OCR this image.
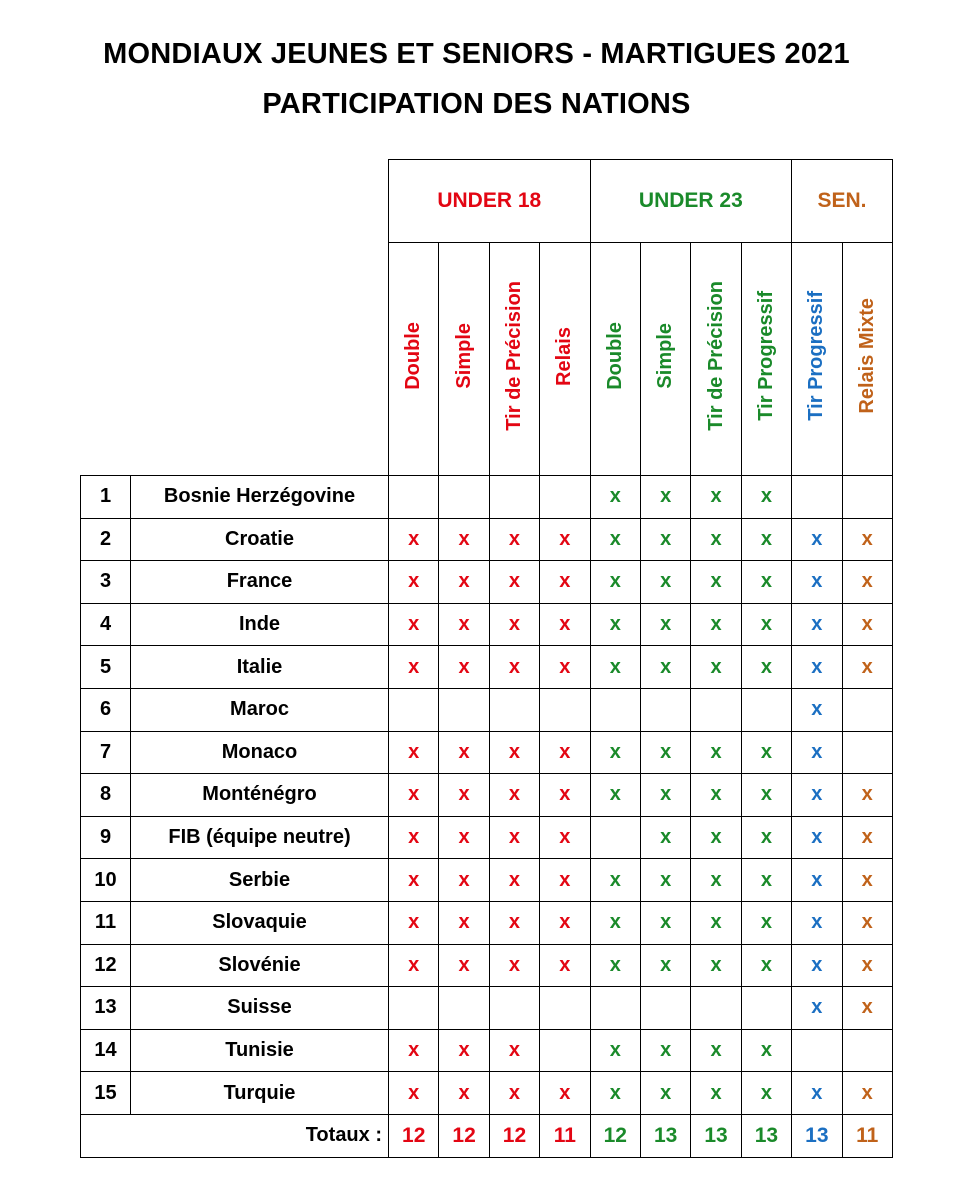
MONDIAUX JEUNES ET SENIORS - MARTIGUES 2021
PARTICIPATION DES NATIONS
		UNDER 18				UNDER 23				SEN.	
		Double	Simple	Tir de Précision	Relais	Double	Simple	Tir de Précision	Tir Progressif	Tir Progressif	Relais Mixte
1	Bosnie Herzégovine					x	x	x	x		
2	Croatie	x	x	x	x	x	x	x	x	x	x
3	France	x	x	x	x	x	x	x	x	x	x
4	Inde	x	x	x	x	x	x	x	x	x	x
5	Italie	x	x	x	x	x	x	x	x	x	x
6	Maroc									x	
7	Monaco	x	x	x	x	x	x	x	x	x	
8	Monténégro	x	x	x	x	x	x	x	x	x	x
9	FIB (équipe neutre)	x	x	x	x		x	x	x	x	x
10	Serbie	x	x	x	x	x	x	x	x	x	x
11	Slovaquie	x	x	x	x	x	x	x	x	x	x
12	Slovénie	x	x	x	x	x	x	x	x	x	x
13	Suisse									x	x
14	Tunisie	x	x	x		x	x	x	x		
15	Turquie	x	x	x	x	x	x	x	x	x	x
Totaux :		12	12	12	11	12	13	13	13	13	11
